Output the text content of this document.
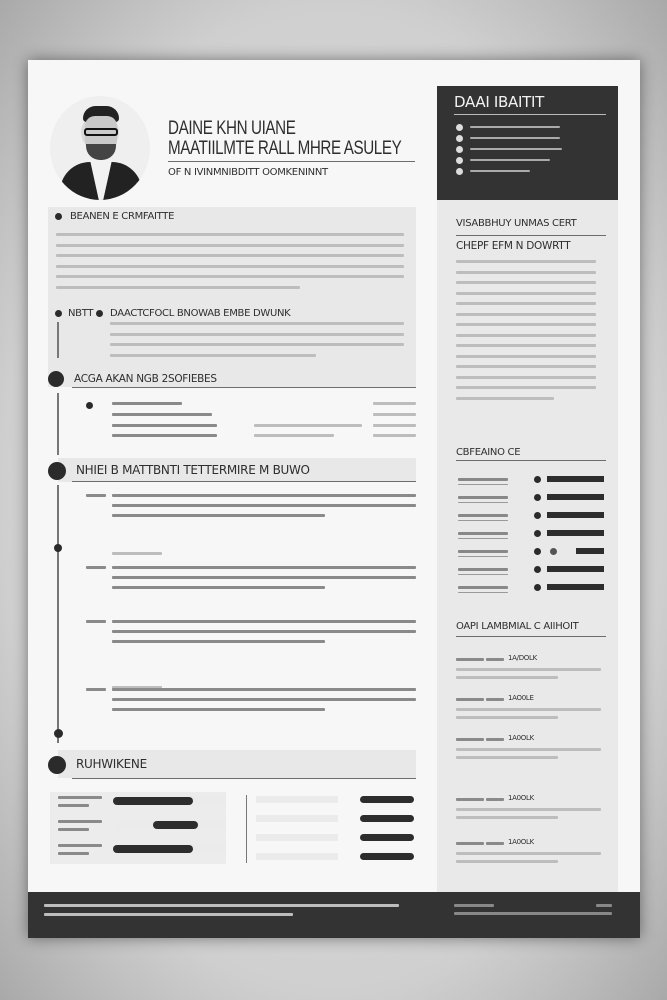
DAINE KHN UIANE
MAATIILMTE RALL MHRE ASULEY
OF N IVINMNIBDITT OOMKENINNT
DAAI IBAITIT
VISABBHUY UNMAS CERT
CHEPF EFM N DOWRTT
CBFEAINO CE
OAPI LAMBMIAL C AIIHOIT
1A/DOLK
1AO0LE
1A0OLK
1A0OLK
1A0OLK
BEANEN E CRMFAITTE
NBTT DAACTCFOCL BNOWAB EMBE DWUNK
ACGA AKAN NGB 2SOFIEBES
NHIEI B MATTBNTI TETTERMIRE M BUWO
RUHWIKENE
